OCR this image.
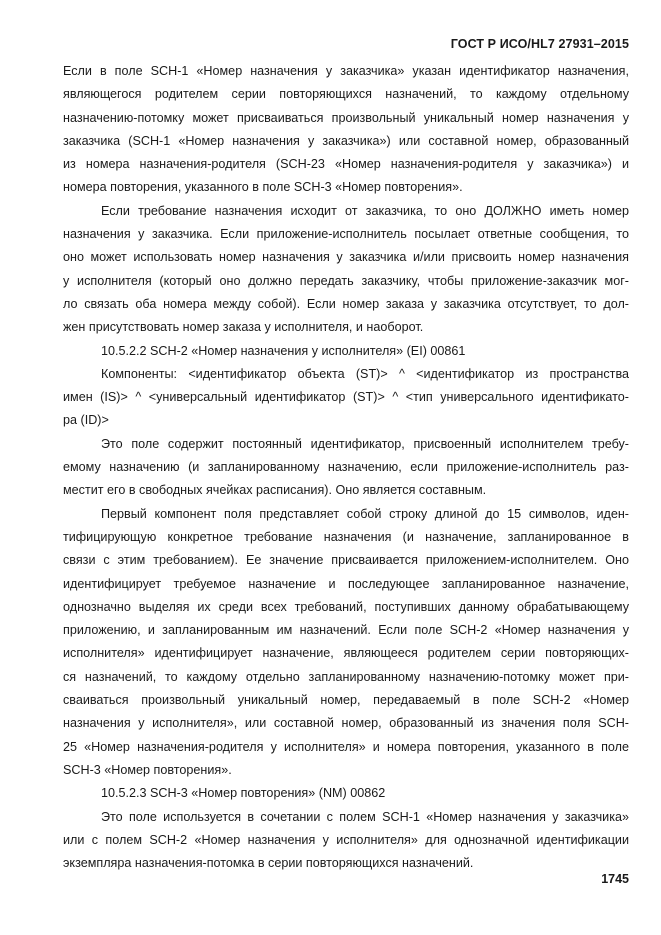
ГОСТ Р ИСО/HL7 27931–2015
Если в поле SCH-1 «Номер назначения у заказчика» указан идентификатор назначения,
являющегося родителем серии повторяющихся назначений, то каждому отдельному
назначению-потомку может присваиваться произвольный уникальный номер назначения у
заказчика (SCH-1 «Номер назначения у заказчика») или составной номер, образованный
из номера назначения-родителя (SCH-23 «Номер назначения-родителя у заказчика») и
номера повторения, указанного в поле SCH-3 «Номер повторения».
Если требование назначения исходит от заказчика, то оно ДОЛЖНО иметь номер
назначения у заказчика. Если приложение-исполнитель посылает ответные сообщения, то
оно может использовать номер назначения у заказчика и/или присвоить номер назначения
у исполнителя (который оно должно передать заказчику, чтобы приложение-заказчик мог-
ло связать оба номера между собой). Если номер заказа у заказчика отсутствует, то дол-
жен присутствовать номер заказа у исполнителя, и наоборот.
10.5.2.2 SCH-2 «Номер назначения у исполнителя» (EI) 00861
Компоненты: <идентификатор объекта (ST)> ^ <идентификатор из пространства
имен (IS)> ^ <универсальный идентификатор (ST)> ^ <тип универсального идентификато-
ра (ID)>
Это поле содержит постоянный идентификатор, присвоенный исполнителем требу-
емому назначению (и запланированному назначению, если приложение-исполнитель раз-
местит его в свободных ячейках расписания). Оно является составным.
Первый компонент поля представляет собой строку длиной до 15 символов, иден-
тифицирующую конкретное требование назначения (и назначение, запланированное в
связи с этим требованием). Ее значение присваивается приложением-исполнителем. Оно
идентифицирует требуемое назначение и последующее запланированное назначение,
однозначно выделяя их среди всех требований, поступивших данному обрабатывающему
приложению, и запланированным им назначений. Если поле SCH-2 «Номер назначения у
исполнителя» идентифицирует назначение, являющееся родителем серии повторяющих-
ся назначений, то каждому отдельно запланированному назначению-потомку может при-
сваиваться произвольный уникальный номер, передаваемый в поле SCH-2 «Номер
назначения у исполнителя», или составной номер, образованный из значения поля SCH-
25 «Номер назначения-родителя у исполнителя» и номера повторения, указанного в поле
SCH-3 «Номер повторения».
10.5.2.3 SCH-3 «Номер повторения» (NM) 00862
Это поле используется в сочетании с полем SCH-1 «Номер назначения у заказчика»
или с полем SCH-2 «Номер назначения у исполнителя» для однозначной идентификации
экземпляра назначения-потомка в серии повторяющихся назначений.
1745
